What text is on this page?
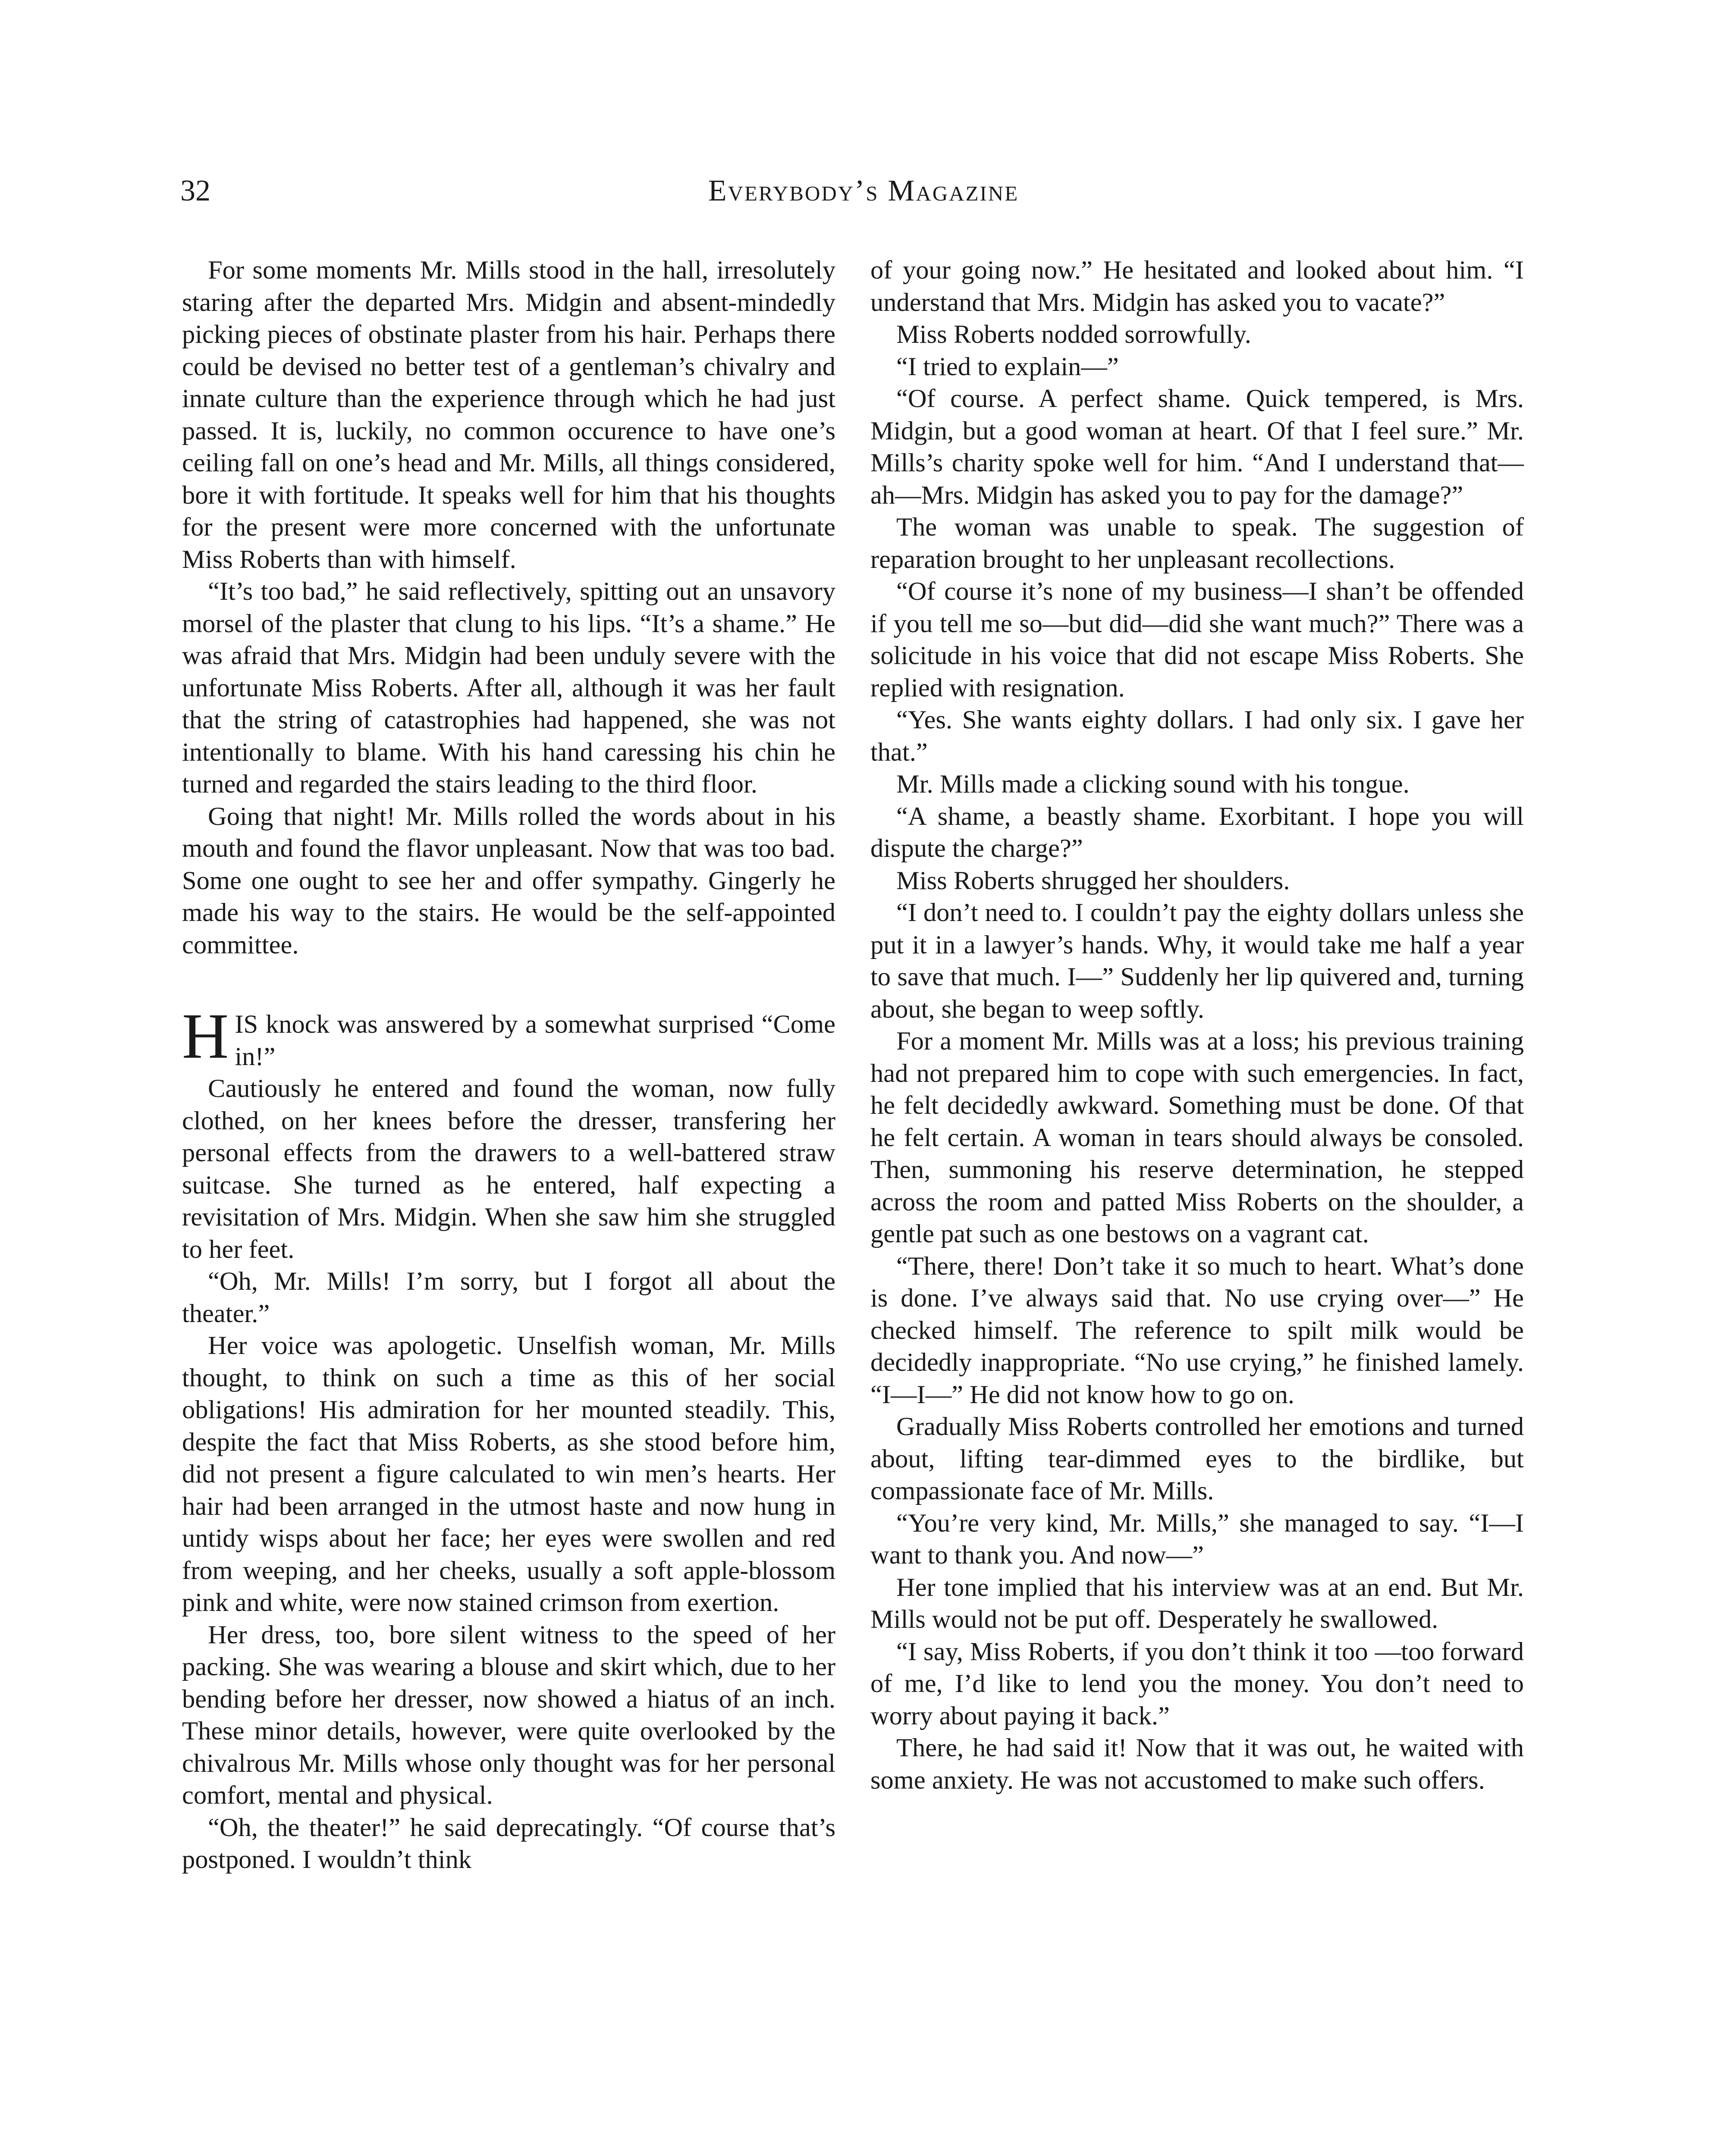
32	Everybody’s Magazine

For some moments Mr. Mills stood in the hall, irresolutely staring after the departed Mrs. Midgin and absent-mindedly picking pieces of obstinate plaster from his hair. Perhaps there could be devised no better test of a gentleman’s chivalry and innate culture than the experience through which he had just passed. It is, luckily, no common occurence to have one’s ceiling fall on one’s head and Mr. Mills, all things considered, bore it with fortitude. It speaks well for him that his thoughts for the present were more concerned with the unfortunate Miss Roberts than with himself.

“It’s too bad,” he said reflectively, spitting out an unsavory morsel of the plaster that clung to his lips. “It’s a shame.” He was afraid that Mrs. Midgin had been unduly severe with the unfortunate Miss Roberts. After all, although it was her fault that the string of catastrophies had happened, she was not intentionally to blame. With his hand caressing his chin he turned and regarded the stairs leading to the third floor.

Going that night! Mr. Mills rolled the words about in his mouth and found the flavor unpleasant. Now that was too bad. Some one ought to see her and offer sympathy. Gingerly he made his way to the stairs. He would be the self-appointed committee.

HIS knock was answered by a somewhat surprised “Come in!”

Cautiously he entered and found the woman, now fully clothed, on her knees before the dresser, transfering her personal effects from the drawers to a well-battered straw suitcase. She turned as he entered, half expecting a revisitation of Mrs. Midgin. When she saw him she struggled to her feet.

“Oh, Mr. Mills! I’m sorry, but I forgot all about the theater.”

Her voice was apologetic. Unselfish woman, Mr. Mills thought, to think on such a time as this of her social obligations! His admiration for her mounted steadily. This, despite the fact that Miss Roberts, as she stood before him, did not present a figure calculated to win men’s hearts. Her hair had been arranged in the utmost haste and now hung in untidy wisps about her face; her eyes were swollen and red from weeping, and her cheeks, usually a soft apple-blossom pink and white, were now stained crimson from exertion.

Her dress, too, bore silent witness to the speed of her packing. She was wearing a blouse and skirt which, due to her bending before her dresser, now showed a hiatus of an inch. These minor details, however, were quite overlooked by the chivalrous Mr. Mills whose only thought was for her personal comfort, mental and physical.

“Oh, the theater!” he said deprecatingly. “Of course that’s postponed. I wouldn’t think

of your going now.” He hesitated and looked about him. “I understand that Mrs. Midgin has asked you to vacate?”

Miss Roberts nodded sorrowfully.

“I tried to explain—”

“Of course. A perfect shame. Quick tempered, is Mrs. Midgin, but a good woman at heart. Of that I feel sure.” Mr. Mills’s charity spoke well for him. “And I understand that—ah—Mrs. Midgin has asked you to pay for the damage?”

The woman was unable to speak. The suggestion of reparation brought to her unpleasant recollections.

“Of course it’s none of my business—I shan’t be offended if you tell me so—but did—did she want much?” There was a solicitude in his voice that did not escape Miss Roberts. She replied with resignation.

“Yes. She wants eighty dollars. I had only six. I gave her that.”

Mr. Mills made a clicking sound with his tongue.

“A shame, a beastly shame. Exorbitant. I hope you will dispute the charge?”

Miss Roberts shrugged her shoulders.

“I don’t need to. I couldn’t pay the eighty dollars unless she put it in a lawyer’s hands. Why, it would take me half a year to save that much. I—” Suddenly her lip quivered and, turning about, she began to weep softly.

For a moment Mr. Mills was at a loss; his previous training had not prepared him to cope with such emergencies. In fact, he felt decidedly awkward. Something must be done. Of that he felt certain. A woman in tears should always be consoled. Then, summoning his reserve determination, he stepped across the room and patted Miss Roberts on the shoulder, a gentle pat such as one bestows on a vagrant cat.

“There, there! Don’t take it so much to heart. What’s done is done. I’ve always said that. No use crying over—” He checked himself. The reference to spilt milk would be decidedly inappropriate. “No use crying,” he finished lamely. “I—I—” He did not know how to go on.

Gradually Miss Roberts controlled her emotions and turned about, lifting tear-dimmed eyes to the birdlike, but compassionate face of Mr. Mills.

“You’re very kind, Mr. Mills,” she managed to say. “I—I want to thank you. And now—”

Her tone implied that his interview was at an end. But Mr. Mills would not be put off. Desperately he swallowed.

“I say, Miss Roberts, if you don’t think it too —too forward of me, I’d like to lend you the money. You don’t need to worry about paying it back.”

There, he had said it! Now that it was out, he waited with some anxiety. He was not accustomed to make such offers.
